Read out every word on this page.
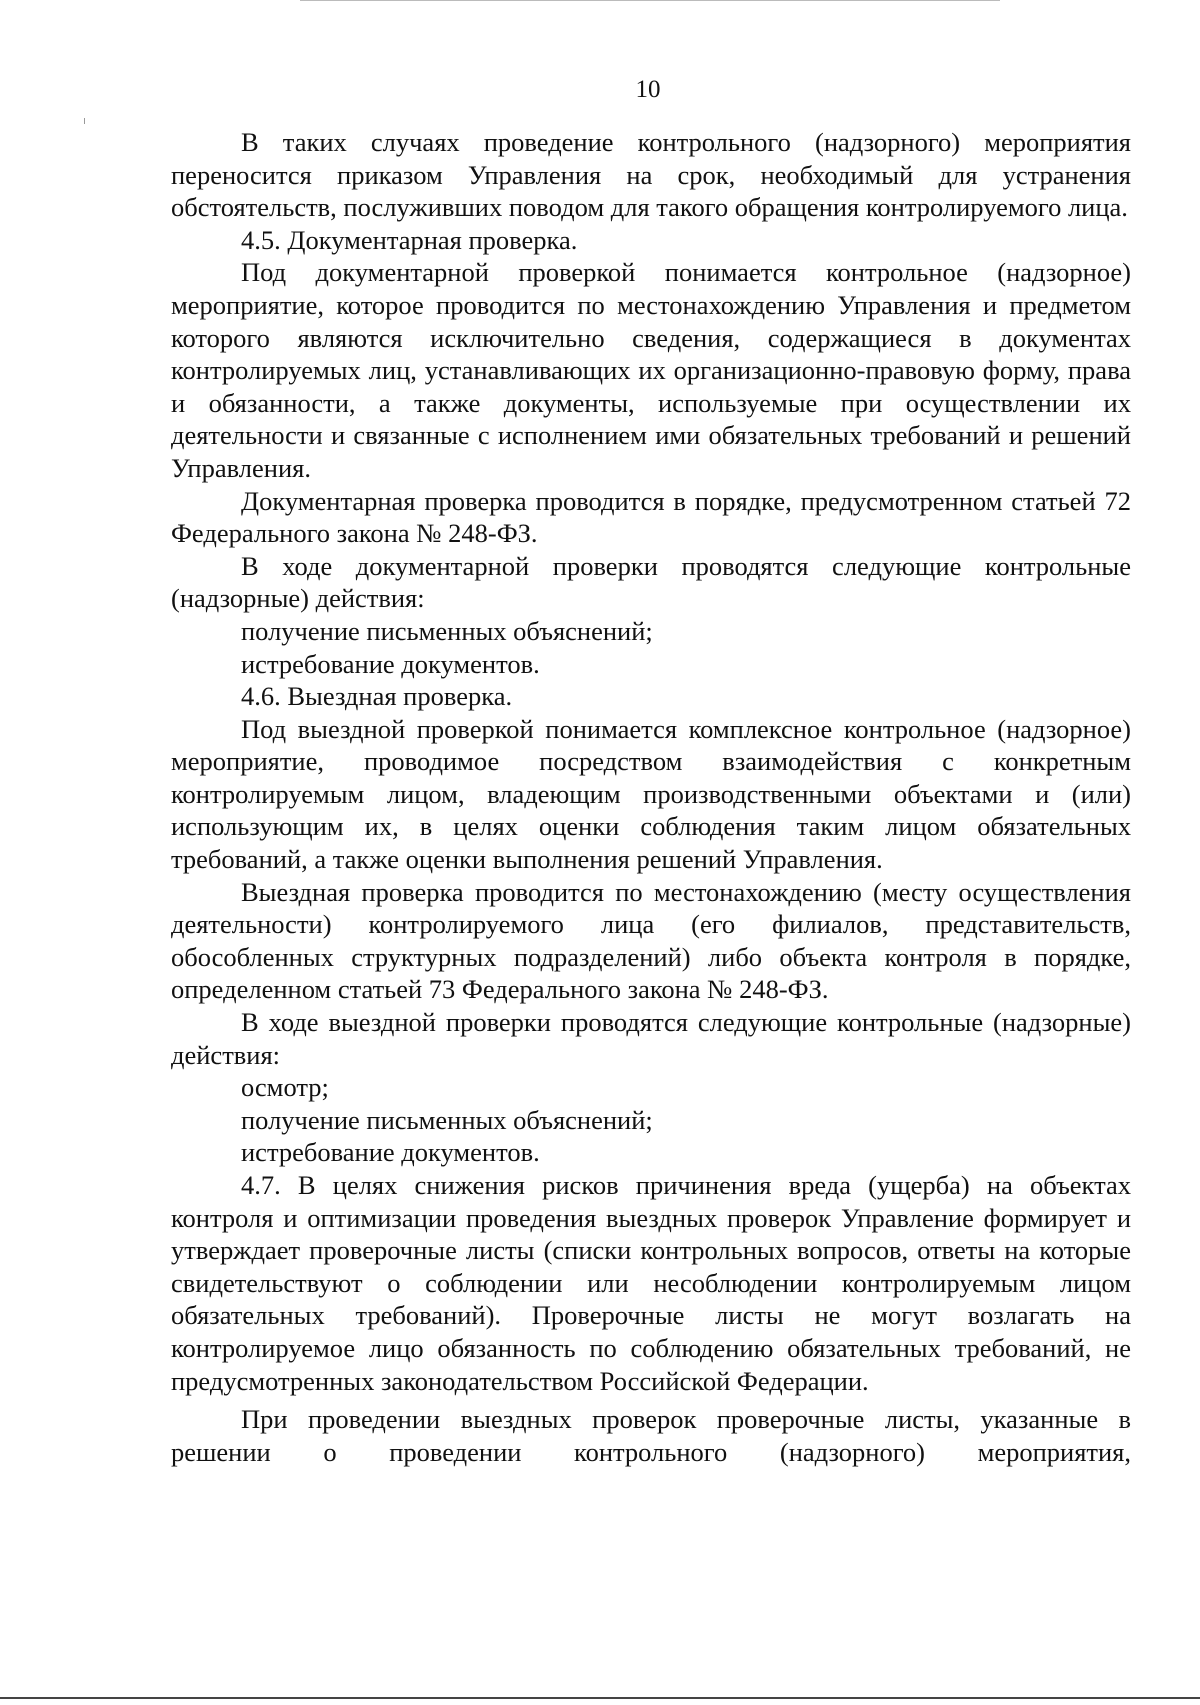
10

В таких случаях проведение контрольного (надзорного) мероприятия переносится приказом Управления на срок, необходимый для устранения обстоятельств, послуживших поводом для такого обращения контролируемого лица.

4.5. Документарная проверка.

Под документарной проверкой понимается контрольное (надзорное) мероприятие, которое проводится по местонахождению Управления и предметом которого являются исключительно сведения, содержащиеся в документах контролируемых лиц, устанавливающих их организационно-правовую форму, права и обязанности, а также документы, используемые при осуществлении их деятельности и связанные с исполнением ими обязательных требований и решений Управления.

Документарная проверка проводится в порядке, предусмотренном статьей 72 Федерального закона № 248-ФЗ.

В ходе документарной проверки проводятся следующие контрольные (надзорные) действия:

получение письменных объяснений;

истребование документов.

4.6. Выездная проверка.

Под выездной проверкой понимается комплексное контрольное (надзорное) мероприятие, проводимое посредством взаимодействия с конкретным контролируемым лицом, владеющим производственными объектами и (или) использующим их, в целях оценки соблюдения таким лицом обязательных требований, а также оценки выполнения решений Управления.

Выездная проверка проводится по местонахождению (месту осуществления деятельности) контролируемого лица (его филиалов, представительств, обособленных структурных подразделений) либо объекта контроля в порядке, определенном статьей 73 Федерального закона № 248-ФЗ.

В ходе выездной проверки проводятся следующие контрольные (надзорные) действия:

осмотр;

получение письменных объяснений;

истребование документов.

4.7. В целях снижения рисков причинения вреда (ущерба) на объектах контроля и оптимизации проведения выездных проверок Управление формирует и утверждает проверочные листы (списки контрольных вопросов, ответы на которые свидетельствуют о соблюдении или несоблюдении контролируемым лицом обязательных требований). Проверочные листы не могут возлагать на контролируемое лицо обязанность по соблюдению обязательных требований, не предусмотренных законодательством Российской Федерации.

При проведении выездных проверок проверочные листы, указанные в решении о проведении контрольного (надзорного) мероприятия,
